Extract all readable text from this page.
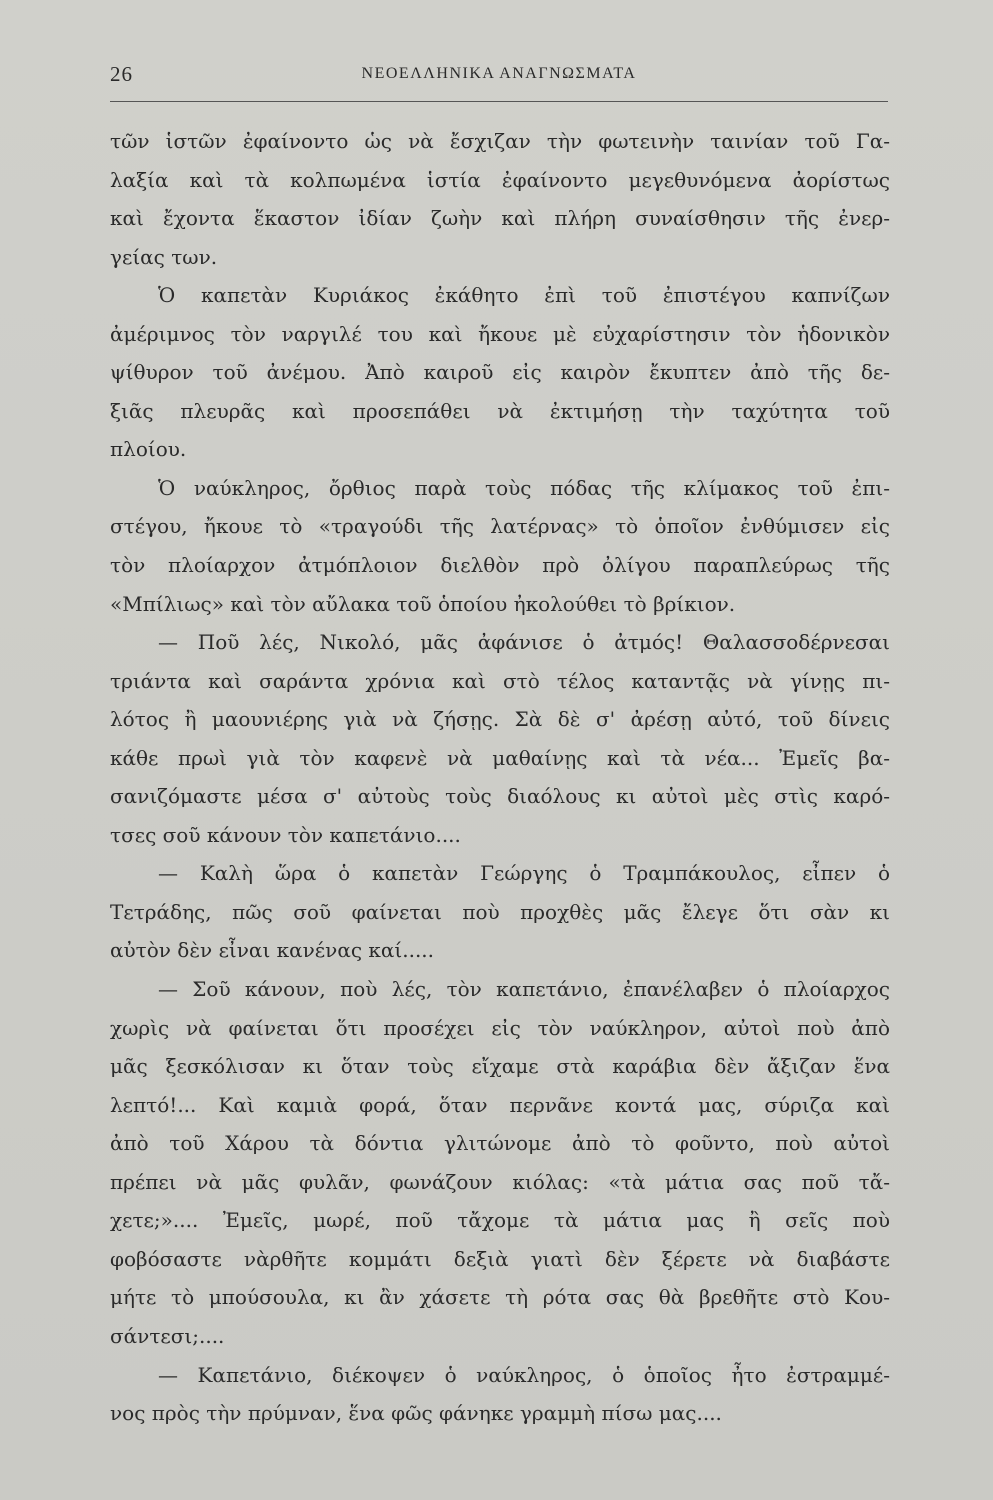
26	ΝΕΟΕΛΛΗΝΙΚΑ ΑΝΑΓΝΩΣΜΑΤΑ
τῶν ἱστῶν ἐφαίνοντο ὡς νὰ ἔσχιζαν τὴν φωτεινὴν ταινίαν τοῦ Γα-
λαξία καὶ τὰ κολπωμένα ἱστία ἐφαίνοντο μεγεθυνόμενα ἀορίστως
καὶ ἔχοντα ἕκαστον ἰδίαν ζωὴν καὶ πλήρη συναίσθησιν τῆς ἐνερ-
γείας των.
Ὁ καπετὰν Κυριάκος ἐκάθητο ἐπὶ τοῦ ἐπιστέγου καπνίζων
ἀμέριμνος τὸν ναργιλέ του καὶ ἤκουε μὲ εὐχαρίστησιν τὸν ἡδονικὸν
ψίθυρον τοῦ ἀνέμου. Ἀπὸ καιροῦ εἰς καιρὸν ἔκυπτεν ἀπὸ τῆς δε-
ξιᾶς πλευρᾶς καὶ προσεπάθει νὰ ἐκτιμήσῃ τὴν ταχύτητα τοῦ
πλοίου.
Ὁ ναύκληρος, ὄρθιος παρὰ τοὺς πόδας τῆς κλίμακος τοῦ ἐπι-
στέγου, ἤκουε τὸ «τραγούδι τῆς λατέρνας» τὸ ὁποῖον ἐνθύμισεν εἰς
τὸν πλοίαρχον ἀτμόπλοιον διελθὸν πρὸ ὀλίγου παραπλεύρως τῆς
«Μπίλιως» καὶ τὸν αὔλακα τοῦ ὁποίου ἠκολούθει τὸ βρίκιον.
— Ποῦ λές, Νικολό, μᾶς ἀφάνισε ὁ ἀτμός! Θαλασσοδέρνεσαι
τριάντα καὶ σαράντα χρόνια καὶ στὸ τέλος καταντᾷς νὰ γίνῃς πι-
λότος ἢ μαουνιέρης γιὰ νὰ ζήσῃς. Σὰ δὲ σ' ἀρέσῃ αὐτό, τοῦ δίνεις
κάθε πρωὶ γιὰ τὸν καφενὲ νὰ μαθαίνῃς καὶ τὰ νέα... Ἐμεῖς βα-
σανιζόμαστε μέσα σ' αὐτοὺς τοὺς διαόλους κι αὐτοὶ μὲς στὶς καρό-
τσες σοῦ κάνουν τὸν καπετάνιο....
— Καλὴ ὥρα ὁ καπετὰν Γεώργης ὁ Τραμπάκουλος, εἶπεν ὁ
Τετράδης, πῶς σοῦ φαίνεται ποὺ προχθὲς μᾶς ἔλεγε ὅτι σὰν κι
αὐτὸν δὲν εἶναι κανένας καί.....
— Σοῦ κάνουν, ποὺ λές, τὸν καπετάνιο, ἐπανέλαβεν ὁ πλοίαρχος
χωρὶς νὰ φαίνεται ὅτι προσέχει εἰς τὸν ναύκληρον, αὐτοὶ ποὺ ἀπὸ
μᾶς ξεσκόλισαν κι ὅταν τοὺς εἴχαμε στὰ καράβια δὲν ἄξιζαν ἕνα
λεπτό!... Καὶ καμιὰ φορά, ὅταν περνᾶνε κοντά μας, σύριζα καὶ
ἀπὸ τοῦ Χάρου τὰ δόντια γλιτώνομε ἀπὸ τὸ φοῦντο, ποὺ αὐτοὶ
πρέπει νὰ μᾶς φυλᾶν, φωνάζουν κιόλας: «τὰ μάτια σας ποῦ τἄ-
χετε;».... Ἐμεῖς, μωρέ, ποῦ τἄχομε τὰ μάτια μας ἢ σεῖς ποὺ
φοβόσαστε νὰρθῆτε κομμάτι δεξιὰ γιατὶ δὲν ξέρετε νὰ διαβάστε
μήτε τὸ μπούσουλα, κι ἂν χάσετε τὴ ρότα σας θὰ βρεθῆτε στὸ Κου-
σάντεσι;....
— Καπετάνιο, διέκοψεν ὁ ναύκληρος, ὁ ὁποῖος ἦτο ἐστραμμέ-
νος πρὸς τὴν πρύμναν, ἕνα φῶς φάνηκε γραμμὴ πίσω μας....
